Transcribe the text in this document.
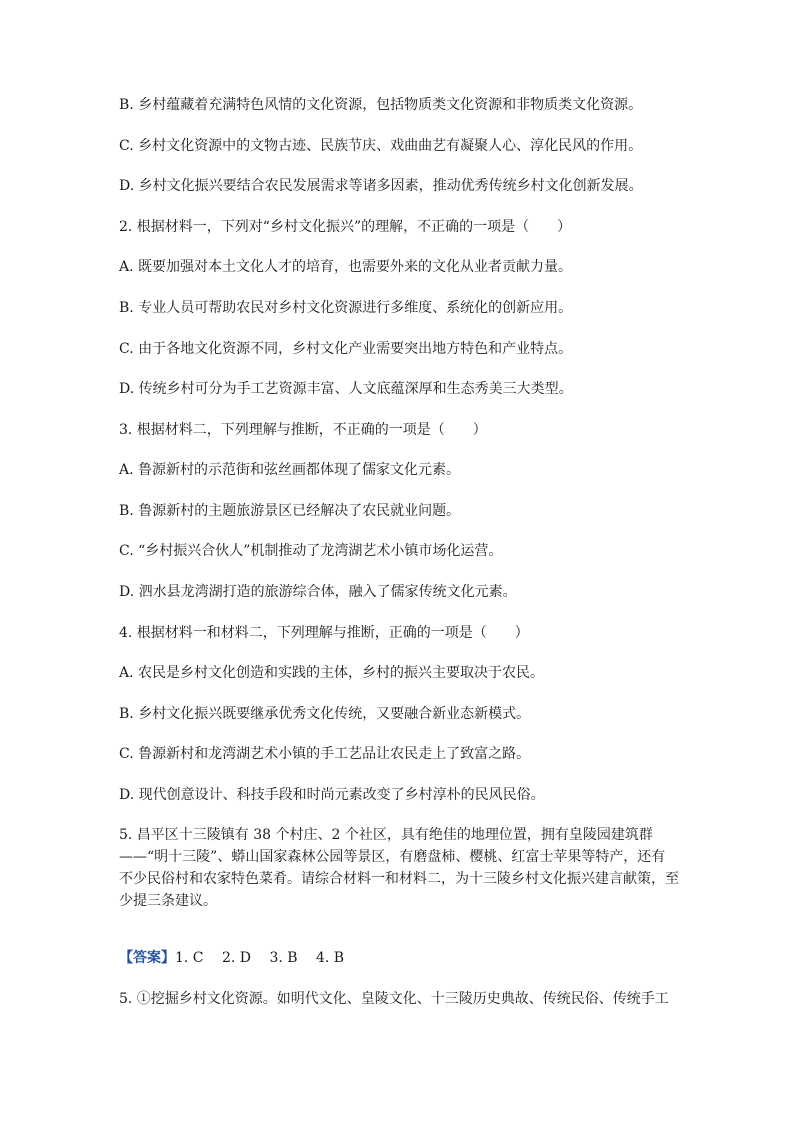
B. 乡村蕴藏着充满特色风情的文化资源，包括物质类文化资源和非物质类文化资源。
C. 乡村文化资源中的文物古迹、民族节庆、戏曲曲艺有凝聚人心、淳化民风的作用。
D. 乡村文化振兴要结合农民发展需求等诸多因素，推动优秀传统乡村文化创新发展。
2. 根据材料一，下列对“乡村文化振兴”的理解，不正确的一项是（　　）
A. 既要加强对本土文化人才的培育，也需要外来的文化从业者贡献力量。
B. 专业人员可帮助农民对乡村文化资源进行多维度、系统化的创新应用。
C. 由于各地文化资源不同，乡村文化产业需要突出地方特色和产业特点。
D. 传统乡村可分为手工艺资源丰富、人文底蕴深厚和生态秀美三大类型。
3. 根据材料二，下列理解与推断，不正确的一项是（　　）
A. 鲁源新村的示范街和弦丝画都体现了儒家文化元素。
B. 鲁源新村的主题旅游景区已经解决了农民就业问题。
C. “乡村振兴合伙人”机制推动了龙湾湖艺术小镇市场化运营。
D. 泗水县龙湾湖打造的旅游综合体，融入了儒家传统文化元素。
4. 根据材料一和材料二，下列理解与推断，正确的一项是（　　）
A. 农民是乡村文化创造和实践的主体，乡村的振兴主要取决于农民。
B. 乡村文化振兴既要继承优秀文化传统，又要融合新业态新模式。
C. 鲁源新村和龙湾湖艺术小镇的手工艺品让农民走上了致富之路。
D. 现代创意设计、科技手段和时尚元素改变了乡村淳朴的民风民俗。
5. 昌平区十三陵镇有 38 个村庄、2 个社区，具有绝佳的地理位置，拥有皇陵园建筑群——“明十三陵”、蟒山国家森林公园等景区，有磨盘柿、樱桃、红富士苹果等特产，还有不少民俗村和农家特色菜肴。请综合材料一和材料二，为十三陵乡村文化振兴建言献策，至少提三条建议。
【答案】1. C　 2. D　 3. B　 4. B
5. ①挖掘乡村文化资源。如明代文化、皇陵文化、十三陵历史典故、传统民俗、传统手工
